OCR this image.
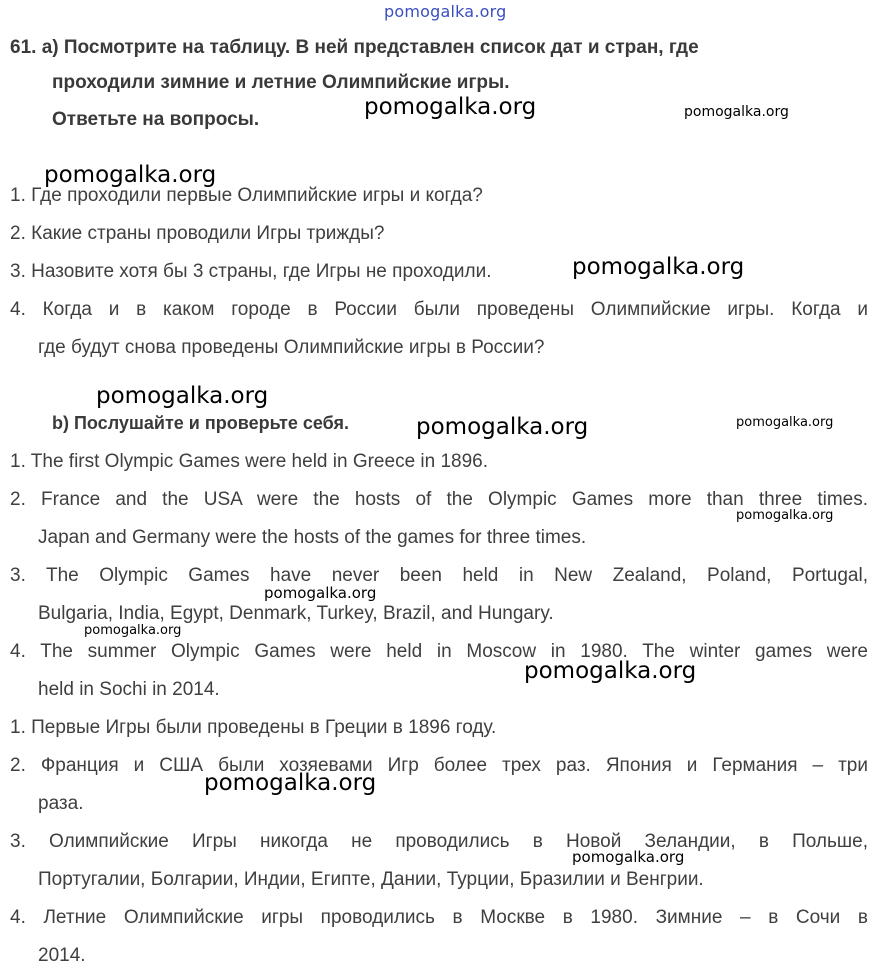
pomogalka.org
61. а) Посмотрите на таблицу. В ней представлен список дат и стран, где
проходили зимние и летние Олимпийские игры.
Ответьте на вопросы.
1. Где проходили первые Олимпийские игры и когда?
2. Какие страны проводили Игры трижды?
3. Назовите хотя бы 3 страны, где Игры не проходили.
4. Когда и в каком городе в России были проведены Олимпийские игры. Когда и
где будут снова проведены Олимпийские игры в России?
b) Послушайте и проверьте себя.
1. The first Olympic Games were held in Greece in 1896.
2. France and the USA were the hosts of the Olympic Games more than three times.
Japan and Germany were the hosts of the games for three times.
3. The Olympic Games have never been held in New Zealand, Poland, Portugal,
Bulgaria, India, Egypt, Denmark, Turkey, Brazil, and Hungary.
4. The summer Olympic Games were held in Moscow in 1980. The winter games were
held in Sochi in 2014.
1. Первые Игры были проведены в Греции в 1896 году.
2. Франция и США были хозяевами Игр более трех раз. Япония и Германия – три
раза.
3. Олимпийские Игры никогда не проводились в Новой Зеландии, в Польше,
Португалии, Болгарии, Индии, Египте, Дании, Турции, Бразилии и Венгрии.
4. Летние Олимпийские игры проводились в Москве в 1980. Зимние – в Сочи в
2014.
pomogalka.org	pomogalka.org
pomogalka.org
pomogalka.org
pomogalka.org
pomogalka.org	pomogalka.org
pomogalka.org
pomogalka.org
pomogalka.org
pomogalka.org
pomogalka.org
pomogalka.org
